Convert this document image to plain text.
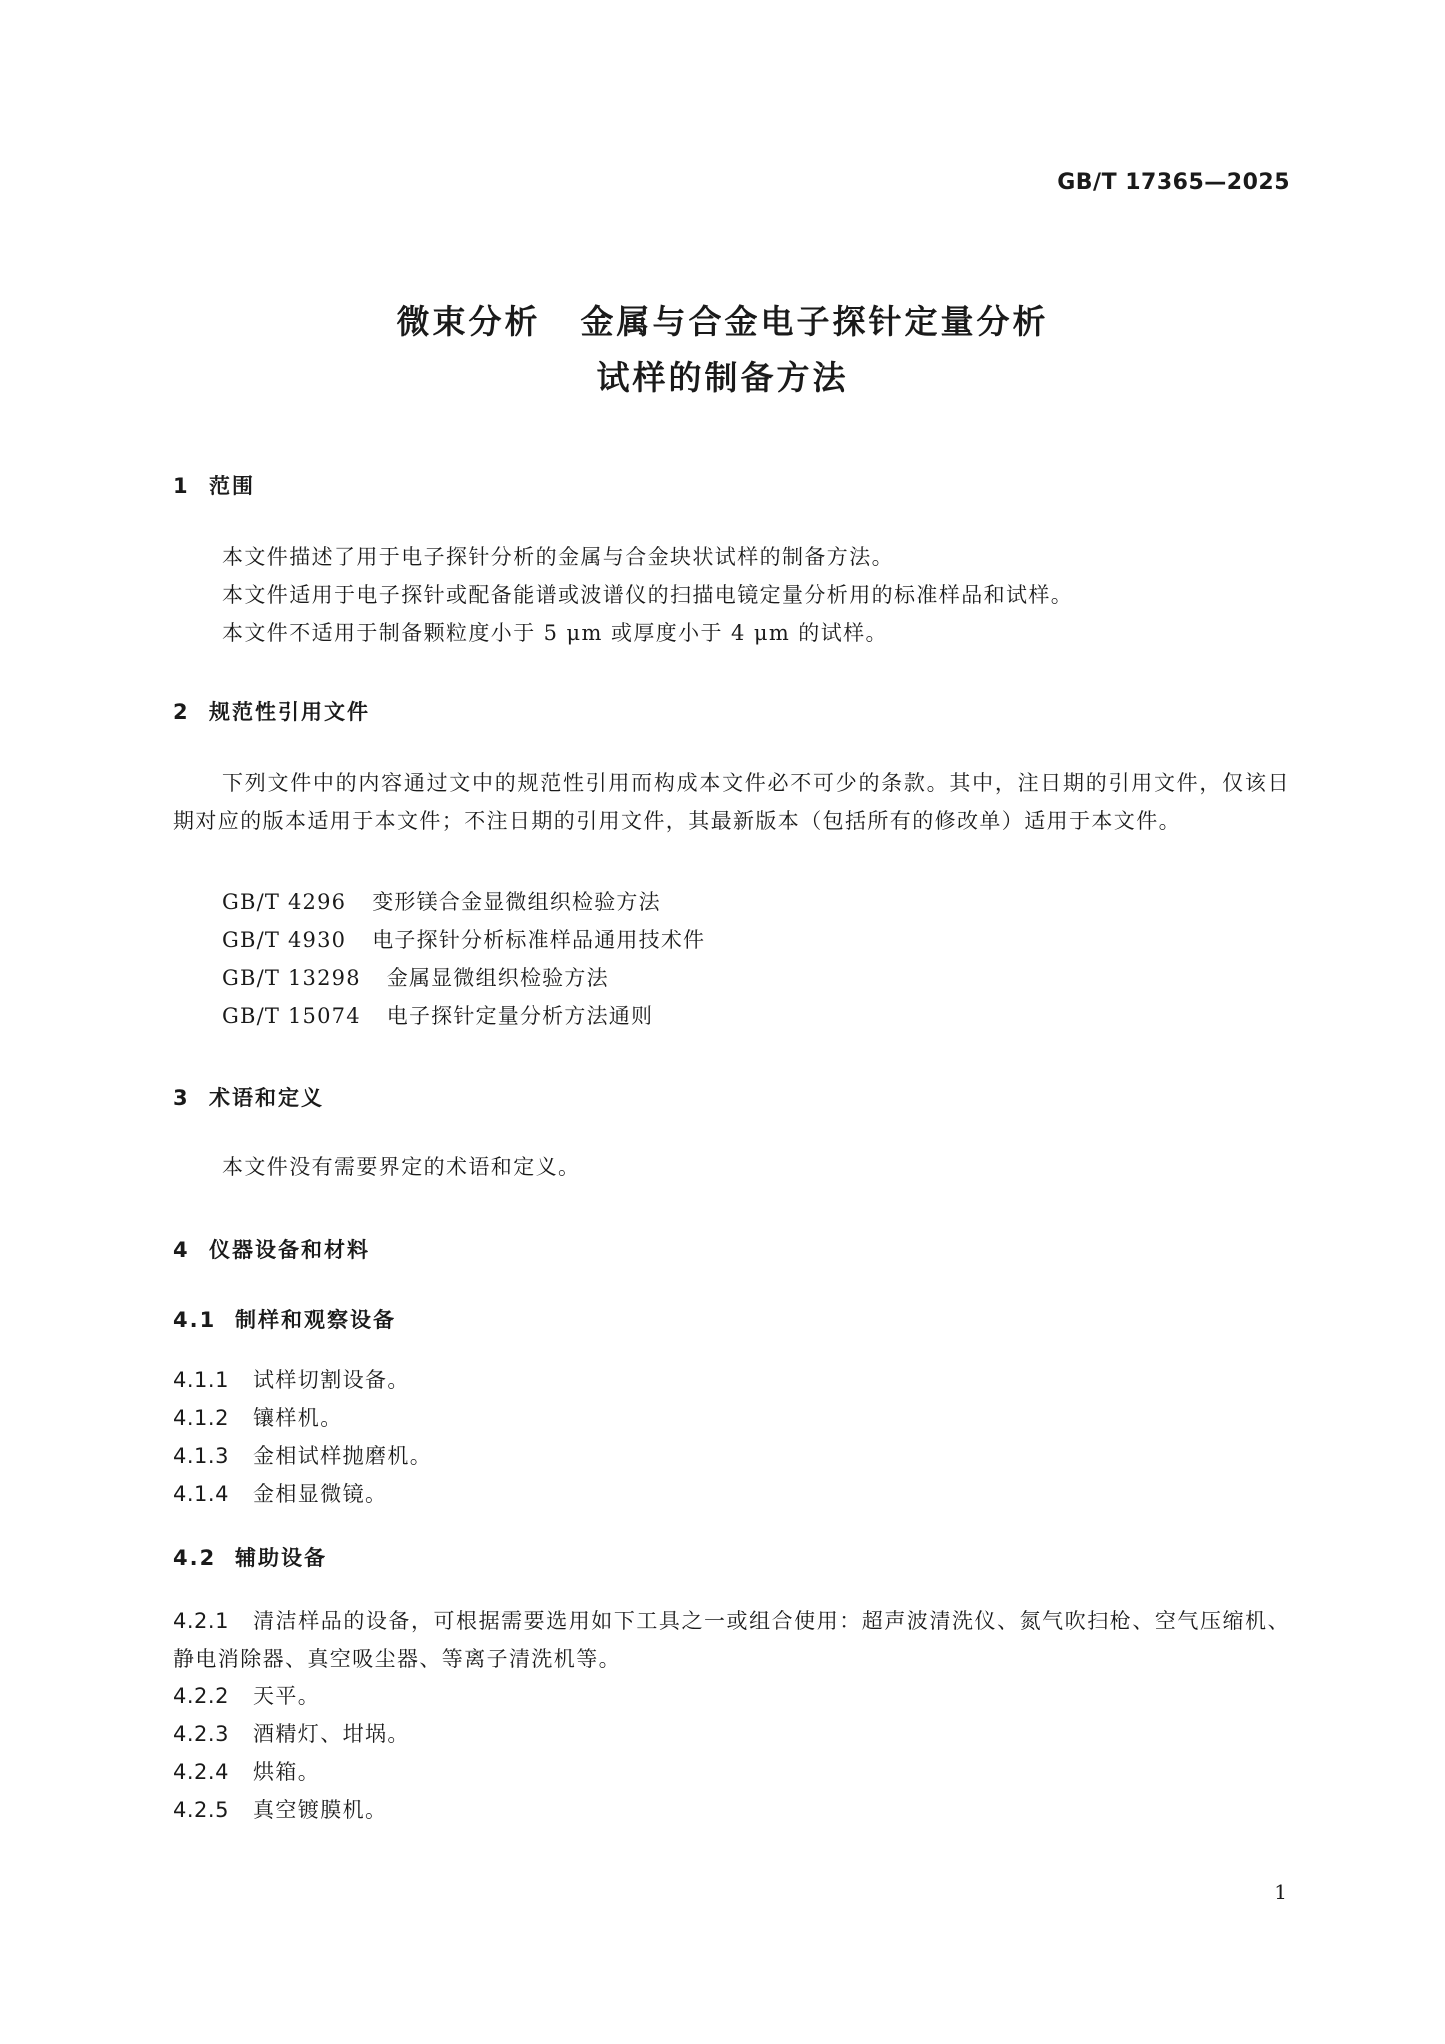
GB/T 17365—2025
微束分析 金属与合金电子探针定量分析
试样的制备方法
1 范围
本文件描述了用于电子探针分析的金属与合金块状试样的制备方法。
本文件适用于电子探针或配备能谱或波谱仪的扫描电镜定量分析用的标准样品和试样。
本文件不适用于制备颗粒度小于 5 μm 或厚度小于 4 μm 的试样。
2 规范性引用文件
下列文件中的内容通过文中的规范性引用而构成本文件必不可少的条款。其中，注日期的引用文件，仅该日期对应的版本适用于本文件；不注日期的引用文件，其最新版本（包括所有的修改单）适用于本文件。
GB/T 4296 变形镁合金显微组织检验方法
GB/T 4930 电子探针分析标准样品通用技术件
GB/T 13298 金属显微组织检验方法
GB/T 15074 电子探针定量分析方法通则
3 术语和定义
本文件没有需要界定的术语和定义。
4 仪器设备和材料
4.1 制样和观察设备
4.1.1 试样切割设备。
4.1.2 镶样机。
4.1.3 金相试样抛磨机。
4.1.4 金相显微镜。
4.2 辅助设备
4.2.1 清洁样品的设备，可根据需要选用如下工具之一或组合使用：超声波清洗仪、氮气吹扫枪、空气压缩机、静电消除器、真空吸尘器、等离子清洗机等。
4.2.2 天平。
4.2.3 酒精灯、坩埚。
4.2.4 烘箱。
4.2.5 真空镀膜机。
1
